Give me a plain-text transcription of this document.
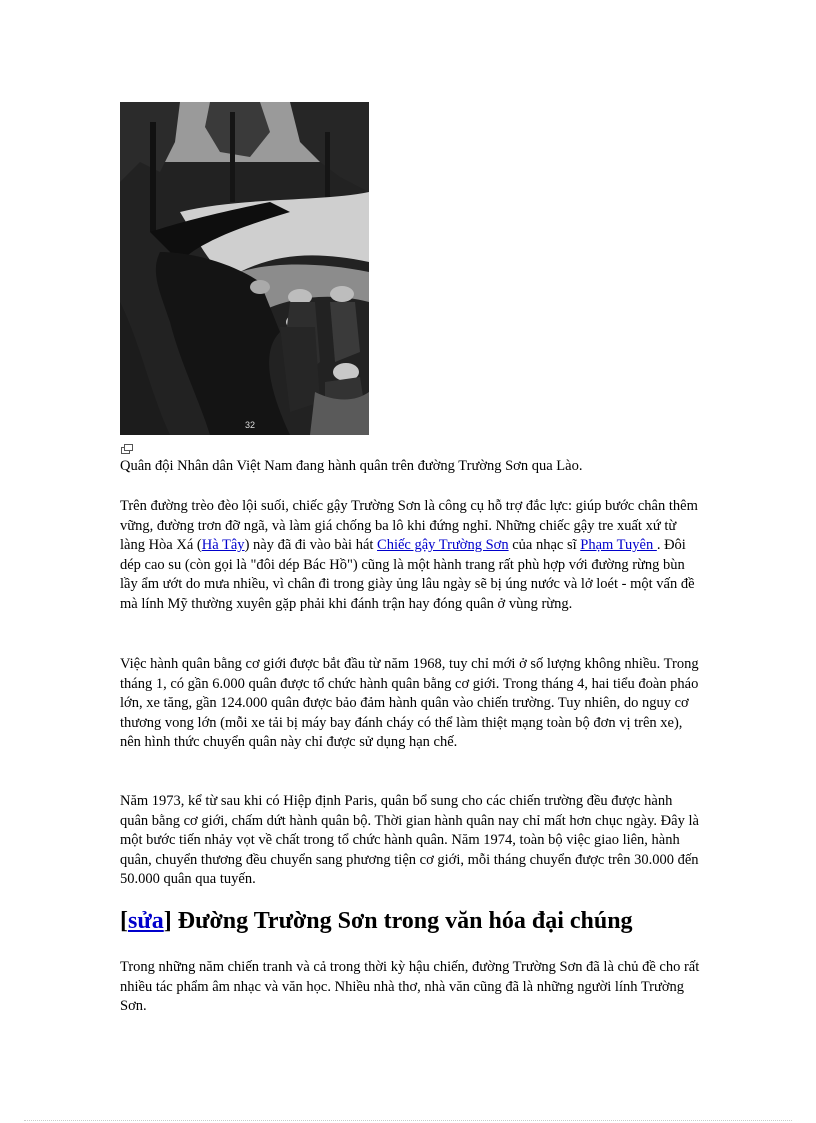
32
Quân đội Nhân dân Việt Nam đang hành quân trên đường Trường Sơn qua Lào.

Trên đường trèo đèo lội suối, chiếc gậy Trường Sơn là công cụ hỗ trợ đắc lực: giúp bước chân thêm vững, đường trơn đỡ ngã, và làm giá chống ba lô khi đứng nghỉ. Những chiếc gậy tre xuất xứ từ làng Hòa Xá (Hà Tây) này đã đi vào bài hát Chiếc gậy Trường Sơn của nhạc sĩ Phạm Tuyên . Đôi dép cao su (còn gọi là "đôi dép Bác Hồ") cũng là một hành trang rất phù hợp với đường rừng bùn lầy ẩm ướt do mưa nhiều, vì chân đi trong giày ủng lâu ngày sẽ bị úng nước và lở loét - một vấn đề mà lính Mỹ thường xuyên gặp phải khi đánh trận hay đóng quân ở vùng rừng.

Việc hành quân bằng cơ giới được bắt đầu từ năm 1968, tuy chỉ mới ở số lượng không nhiều. Trong tháng 1, có gần 6.000 quân được tổ chức hành quân bằng cơ giới. Trong tháng 4, hai tiểu đoàn pháo lớn, xe tăng, gần 124.000 quân được bảo đảm hành quân vào chiến trường. Tuy nhiên, do nguy cơ thương vong lớn (mỗi xe tải bị máy bay đánh cháy có thể làm thiệt mạng toàn bộ đơn vị trên xe), nên hình thức chuyển quân này chỉ được sử dụng hạn chế.

Năm 1973, kể từ sau khi có Hiệp định Paris, quân bổ sung cho các chiến trường đều được hành quân bằng cơ giới, chấm dứt hành quân bộ. Thời gian hành quân nay chỉ mất hơn chục ngày. Đây là một bước tiến nhảy vọt về chất trong tổ chức hành quân. Năm 1974, toàn bộ việc giao liên, hành quân, chuyển thương đều chuyển sang phương tiện cơ giới, mỗi tháng chuyển được trên 30.000 đến 50.000 quân qua tuyến.

[sửa] Đường Trường Sơn trong văn hóa đại chúng

Trong những năm chiến tranh và cả trong thời kỳ hậu chiến, đường Trường Sơn đã là chủ đề cho rất nhiều tác phẩm âm nhạc và văn học. Nhiều nhà thơ, nhà văn cũng đã là những người lính Trường Sơn.
